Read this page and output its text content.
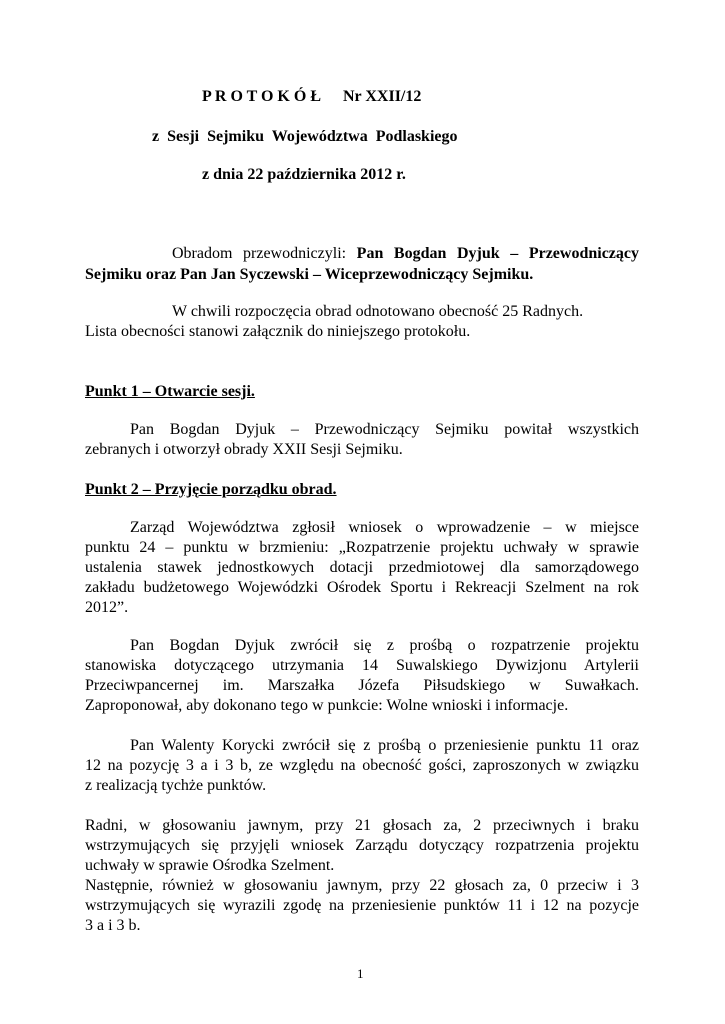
P R O T O K Ó Ł Nr XXII/12
z  Sesji  Sejmiku  Województwa  Podlaskiego
z dnia 22 października 2012 r.
Obradom przewodniczyli: Pan Bogdan Dyjuk – Przewodniczący
Sejmiku oraz Pan Jan Syczewski – Wiceprzewodniczący Sejmiku.
W chwili rozpoczęcia obrad odnotowano obecność 25 Radnych.
Lista obecności stanowi załącznik do niniejszego protokołu.
Punkt 1 – Otwarcie sesji.
Pan Bogdan Dyjuk – Przewodniczący Sejmiku powitał wszystkich
zebranych i otworzył obrady XXII Sesji Sejmiku.
Punkt 2 – Przyjęcie porządku obrad.
Zarząd Województwa zgłosił wniosek o wprowadzenie – w miejsce
punktu 24 – punktu w brzmieniu: „Rozpatrzenie projektu uchwały w sprawie
ustalenia stawek jednostkowych dotacji przedmiotowej dla samorządowego
zakładu budżetowego Wojewódzki Ośrodek Sportu i Rekreacji Szelment na rok
2012”.
Pan Bogdan Dyjuk zwrócił się z prośbą o rozpatrzenie projektu
stanowiska dotyczącego utrzymania 14 Suwalskiego Dywizjonu Artylerii
Przeciwpancernej im. Marszałka Józefa Piłsudskiego w Suwałkach.
Zaproponował, aby dokonano tego w punkcie: Wolne wnioski i informacje.
Pan Walenty Korycki zwrócił się z prośbą o przeniesienie punktu 11 oraz
12 na pozycję 3 a i 3 b, ze względu na obecność gości, zaproszonych w związku
z realizacją tychże punktów.
Radni, w głosowaniu jawnym, przy 21 głosach za, 2 przeciwnych i braku
wstrzymujących się przyjęli wniosek Zarządu dotyczący rozpatrzenia projektu
uchwały w sprawie Ośrodka Szelment.
Następnie, również w głosowaniu jawnym, przy 22 głosach za, 0 przeciw i 3
wstrzymujących się wyrazili zgodę na przeniesienie punktów 11 i 12 na pozycje
3 a i 3 b.
1
